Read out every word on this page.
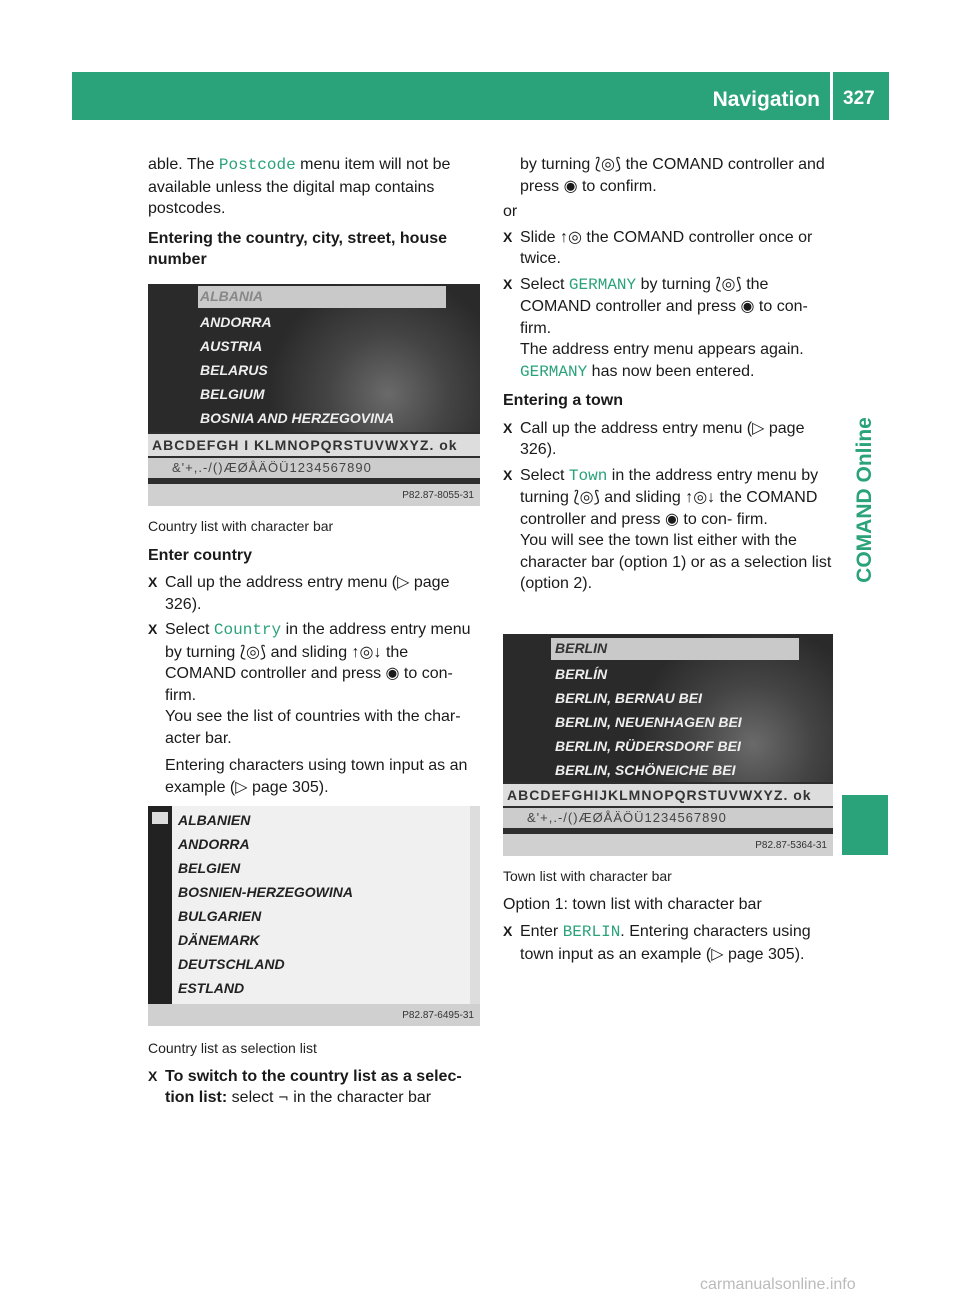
Navigation 327
COMAND Online

able. The Postcode menu item will not be available unless the digital map contains postcodes.

Entering the country, city, street, house number

ALBANIA
ANDORRA
AUSTRIA
BELARUS
BELGIUM
BOSNIA AND HERZEGOVINA
ABCDEFGH I KLMNOPQRSTUVWXYZ. ok
&'+,.-/()ÆØÅÄÖÜ1234567890
P82.87-8055-31

Country list with character bar

Enter country

X Call up the address entry menu (▷ page 326).

X Select Country in the address entry menu by turning ⟅◎⟆ and sliding ↑◎↓ the COMAND controller and press ◉ to con- firm.

You see the list of countries with the char- acter bar.

Entering characters using town input as an example (▷ page 305).

ALBANIEN
ANDORRA
BELGIEN
BOSNIEN-HERZEGOWINA
BULGARIEN
DÄNEMARK
DEUTSCHLAND
ESTLAND
P82.87-6495-31

Country list as selection list

X To switch to the country list as a selec- tion list: select ¬ in the character bar

by turning ⟅◎⟆ the COMAND controller and press ◉ to confirm.

or

X Slide ↑◎ the COMAND controller once or twice.

X Select GERMANY by turning ⟅◎⟆ the COMAND controller and press ◉ to con- firm.

The address entry menu appears again.

GERMANY has now been entered.

Entering a town

X Call up the address entry menu (▷ page 326).

X Select Town in the address entry menu by turning ⟅◎⟆ and sliding ↑◎↓ the COMAND controller and press ◉ to con- firm.

You will see the town list either with the character bar (option 1) or as a selection list (option 2).

BERLIN
BERLÍN
BERLIN, BERNAU BEI
BERLIN, NEUENHAGEN BEI
BERLIN, RÜDERSDORF BEI
BERLIN, SCHÖNEICHE BEI
ABCDEFGHIJKLMNOPQRSTUVWXYZ. ok
&'+,.-/()ÆØÅÄÖÜ1234567890
P82.87-5364-31

Town list with character bar

Option 1: town list with character bar

X Enter BERLIN. Entering characters using town input as an example (▷ page 305).

carmanualsonline.info
